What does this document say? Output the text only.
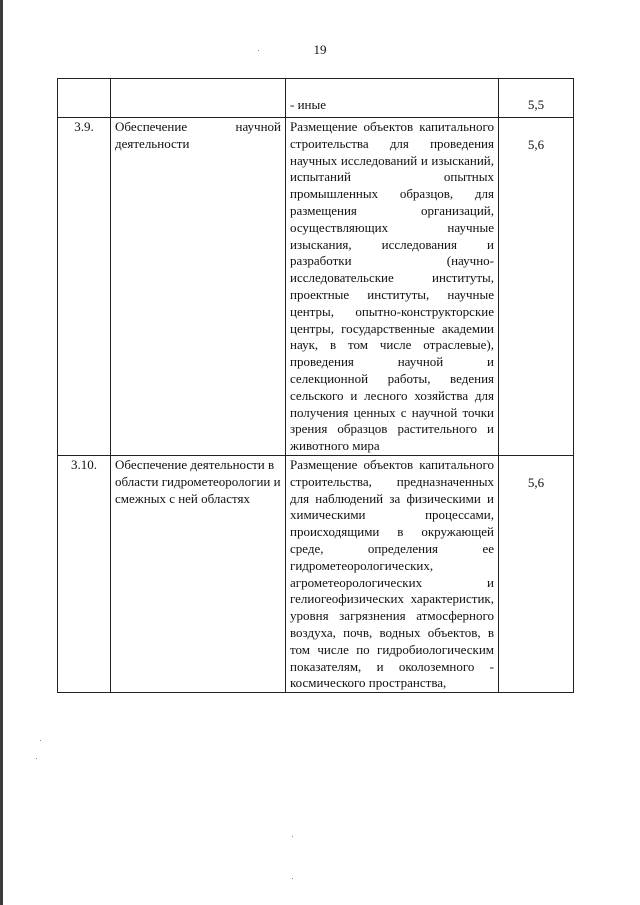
19
		- иные	5,5
3.9.	Обеспечение научной деятельности	Размещение объектов капитального строительства для проведения научных исследований и изысканий, испытаний опытных промышленных образцов, для размещения организаций, осуществляющих научные изыскания, исследования и разработки (научно-исследовательские институты, проектные институты, научные центры, опытно-конструкторские центры, государственные академии наук, в том числе отраслевые), проведения научной и селекционной работы, ведения сельского и лесного хозяйства для получения ценных с научной точки зрения образцов растительного и животного мира	5,6
3.10.	Обеспечение деятельности в области гидрометеорологии и смежных с ней областях	Размещение объектов капитального строительства, предназначенных для наблюдений за физическими и химическими процессами, происходящими в окружающей среде, определения ее гидрометеорологических, агрометеорологических и гелиогеофизических характеристик, уровня загрязнения атмосферного воздуха, почв, водных объектов, в том числе по гидробиологическим показателям, и околоземного - космического пространства,	5,6
